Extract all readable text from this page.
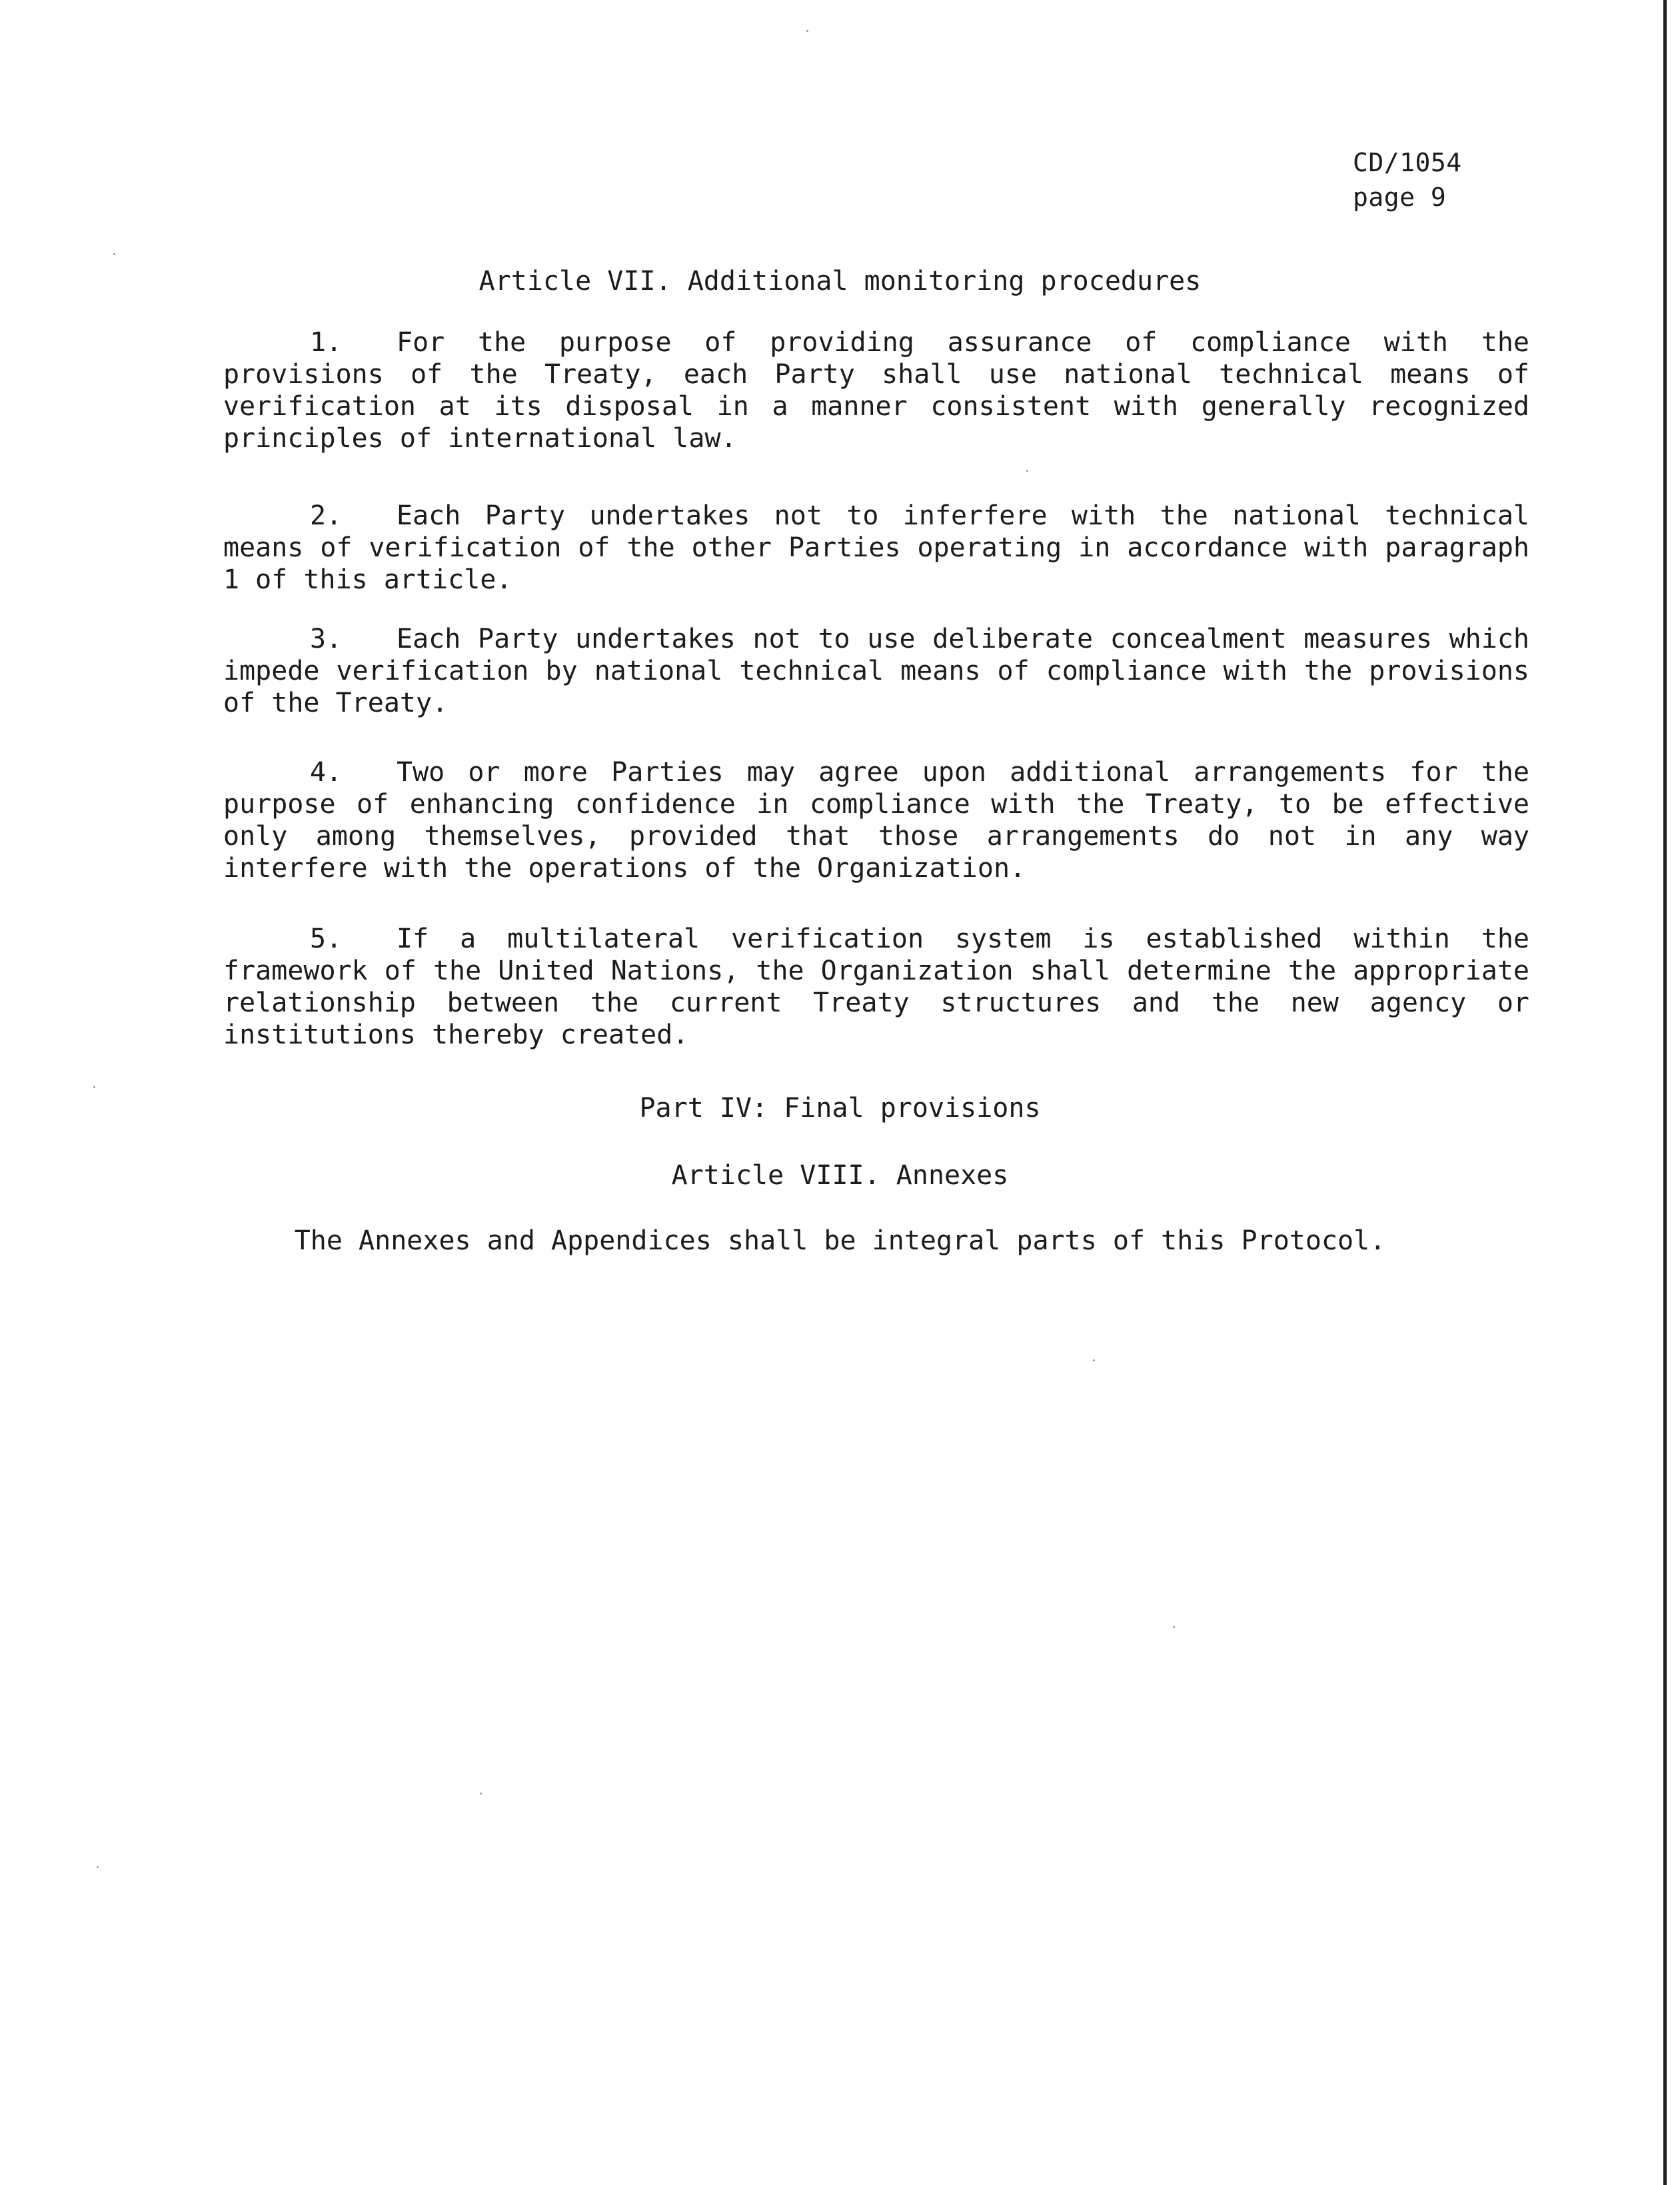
CD/1054
page 9
Article VII. Additional monitoring procedures
1. For the purpose of providing assurance of compliance with the provisions of the Treaty, each Party shall use national technical means of verification at its disposal in a manner consistent with generally recognized principles of international law.
2. Each Party undertakes not to inferfere with the national technical means of verification of the other Parties operating in accordance with paragraph 1 of this article.
3. Each Party undertakes not to use deliberate concealment measures which impede verification by national technical means of compliance with the provisions of the Treaty.
4. Two or more Parties may agree upon additional arrangements for the purpose of enhancing confidence in compliance with the Treaty, to be effective only among themselves, provided that those arrangements do not in any way interfere with the operations of the Organization.
5. If a multilateral verification system is established within the framework of the United Nations, the Organization shall determine the appropriate relationship between the current Treaty structures and the new agency or institutions thereby created.
Part IV: Final provisions
Article VIII. Annexes
The Annexes and Appendices shall be integral parts of this Protocol.
